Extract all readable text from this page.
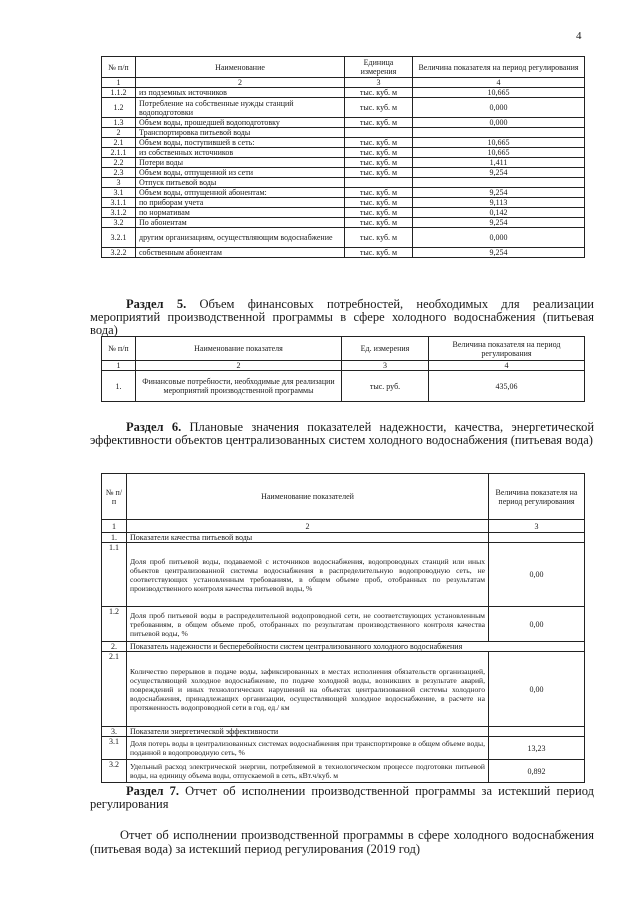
4
№ п/п	Наименование	Единица измерения	Величина показателя на период регулирования
1	2	3	4
1.1.2	из подземных источников	тыс. куб. м	10,665
1.2	Потребление на собственные нужды станций водоподготовки	тыс. куб. м	0,000
1.3	Объем воды, прошедшей водоподготовку	тыс. куб. м	0,000
2	Транспортировка питьевой воды		
2.1	Объем воды, поступившей в сеть:	тыс. куб. м	10,665
2.1.1	из собственных источников	тыс. куб. м	10,665
2.2	Потери воды	тыс. куб. м	1,411
2.3	Объем воды, отпущенной из сети	тыс. куб. м	9,254
3	Отпуск питьевой воды		
3.1	Объем воды, отпущенной абонентам:	тыс. куб. м	9,254
3.1.1	по приборам учета	тыс. куб. м	9,113
3.1.2	по нормативам	тыс. куб. м	0,142
3.2	По абонентам	тыс. куб. м	9,254
3.2.1	другим организациям, осуществляющим водоснабжение	тыс. куб. м	0,000
3.2.2	собственным абонентам	тыс. куб. м	9,254
Раздел 5. Объем финансовых потребностей, необходимых для реализации мероприятий производственной программы в сфере холодного водоснабжения (питьевая вода)
№ п/п	Наименование показателя	Ед. измерения	Величина показателя на период регулирования
1	2	3	4
1.	Финансовые потребности, необходимые для реализации мероприятий производственной программы	тыс. руб.	435,06
Раздел 6. Плановые значения показателей надежности, качества, энергетической эффективности объектов централизованных систем холодного водоснабжения (питьевая вода)
№ п/п	Наименование показателей	Величина показателя на период регулирования
1	2	3
1.	Показатели качества питьевой воды	
1.1	Доля проб питьевой воды, подаваемой с источников водоснабжения, водопроводных станций или иных объектов централизованной системы водоснабжения в распределительную водопроводную сеть, не соответствующих установленным требованиям, в общем объеме проб, отобранных по результатам производственного контроля качества питьевой воды, %	0,00
1.2	Доля проб питьевой воды в распределительной водопроводной сети, не соответствующих установленным требованиям, в общем объеме проб, отобранных по результатам производственного контроля качества питьевой воды, %	0,00
2.	Показатель надежности и бесперебойности систем централизованного холодного водоснабжения	
2.1	Количество перерывов в подаче воды, зафиксированных в местах исполнения обязательств организацией, осуществляющей холодное водоснабжение, по подаче холодной воды, возникших в результате аварий, повреждений и иных технологических нарушений на объектах централизованной системы холодного водоснабжения, принадлежащих организации, осуществляющей холодное водоснабжение, в расчете на протяженность водопроводной сети в год, ед./ км	0,00
3.	Показатели энергетической эффективности	
3.1	Доля потерь воды в централизованных системах водоснабжения при транспортировке в общем объеме воды, поданной в водопроводную сеть, %	13,23
3.2	Удельный расход электрической энергии, потребляемой в технологическом процессе подготовки питьевой воды, на единицу объема воды, отпускаемой в сеть, кВт.ч/куб. м	0,892
Раздел 7. Отчет об исполнении производственной программы за истекший период регулирования
Отчет об исполнении производственной программы в сфере холодного водоснабжения (питьевая вода) за истекший период регулирования (2019 год)
